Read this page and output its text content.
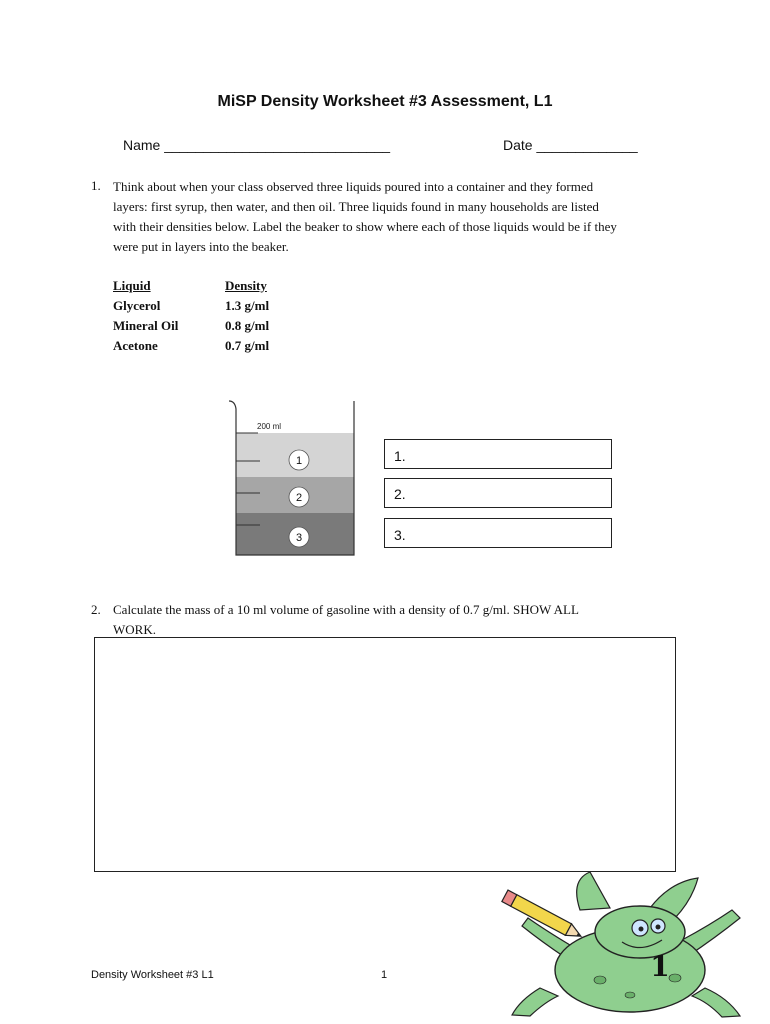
MiSP Density Worksheet #3 Assessment, L1
Name _____________________________	Date _____________
1. Think about when your class observed three liquids poured into a container and they formed
layers: first syrup, then water, and then oil. Three liquids found in many households are listed
with their densities below. Label the beaker to show where each of those liquids would be if they
were put in layers into the beaker.
Liquid	Density
Glycerol	1.3 g/ml
Mineral Oil	0.8 g/ml
Acetone	0.7 g/ml
200 ml
1
2
3
1.
2.
3.
2. Calculate the mass of a 10 ml volume of gasoline with a density of 0.7 g/ml. SHOW ALL
WORK.
Density Worksheet #3 L1	1	1
